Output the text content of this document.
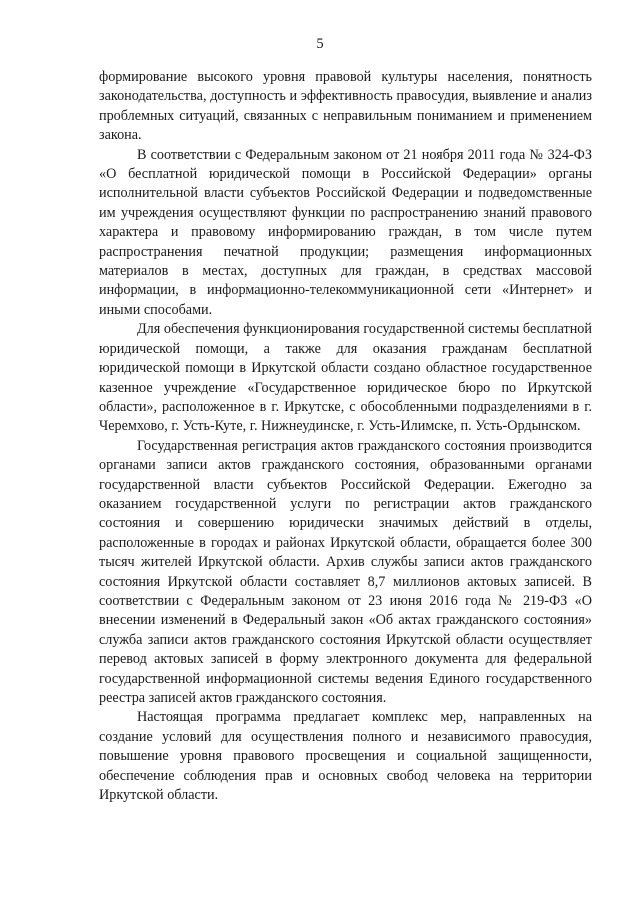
5

формирование высокого уровня правовой культуры населения, понятность законодательства, доступность и эффективность правосудия, выявление и анализ проблемных ситуаций, связанных с неправильным пониманием и применением закона.

В соответствии с Федеральным законом от 21 ноября 2011 года № 324-ФЗ «О бесплатной юридической помощи в Российской Федерации» органы исполнительной власти субъектов Российской Федерации и подведомственные им учреждения осуществляют функции по распространению знаний правового характера и правовому информированию граждан, в том числе путем распространения печатной продукции; размещения информационных материалов в местах, доступных для граждан, в средствах массовой информации, в информационно-телекоммуникационной сети «Интернет» и иными способами.

Для обеспечения функционирования государственной системы бесплатной юридической помощи, а также для оказания гражданам бесплатной юридической помощи в Иркутской области создано областное государственное казенное учреждение «Государственное юридическое бюро по Иркутской области», расположенное в г. Иркутске, с обособленными подразделениями в г. Черемхово, г. Усть-Куте, г. Нижнеудинске, г. Усть-Илимске, п. Усть-Ордынском.

Государственная регистрация актов гражданского состояния производится органами записи актов гражданского состояния, образованными органами государственной власти субъектов Российской Федерации. Ежегодно за оказанием государственной услуги по регистрации актов гражданского состояния и совершению юридически значимых действий в отделы, расположенные в городах и районах Иркутской области, обращается более 300 тысяч жителей Иркутской области. Архив службы записи актов гражданского состояния Иркутской области составляет 8,7 миллионов актовых записей. В соответствии с Федеральным законом от 23 июня 2016 года № 219-ФЗ «О внесении изменений в Федеральный закон «Об актах гражданского состояния» служба записи актов гражданского состояния Иркутской области осуществляет перевод актовых записей в форму электронного документа для федеральной государственной информационной системы ведения Единого государственного реестра записей актов гражданского состояния.

Настоящая программа предлагает комплекс мер, направленных на создание условий для осуществления полного и независимого правосудия, повышение уровня правового просвещения и социальной защищенности, обеспечение соблюдения прав и основных свобод человека на территории Иркутской области.
